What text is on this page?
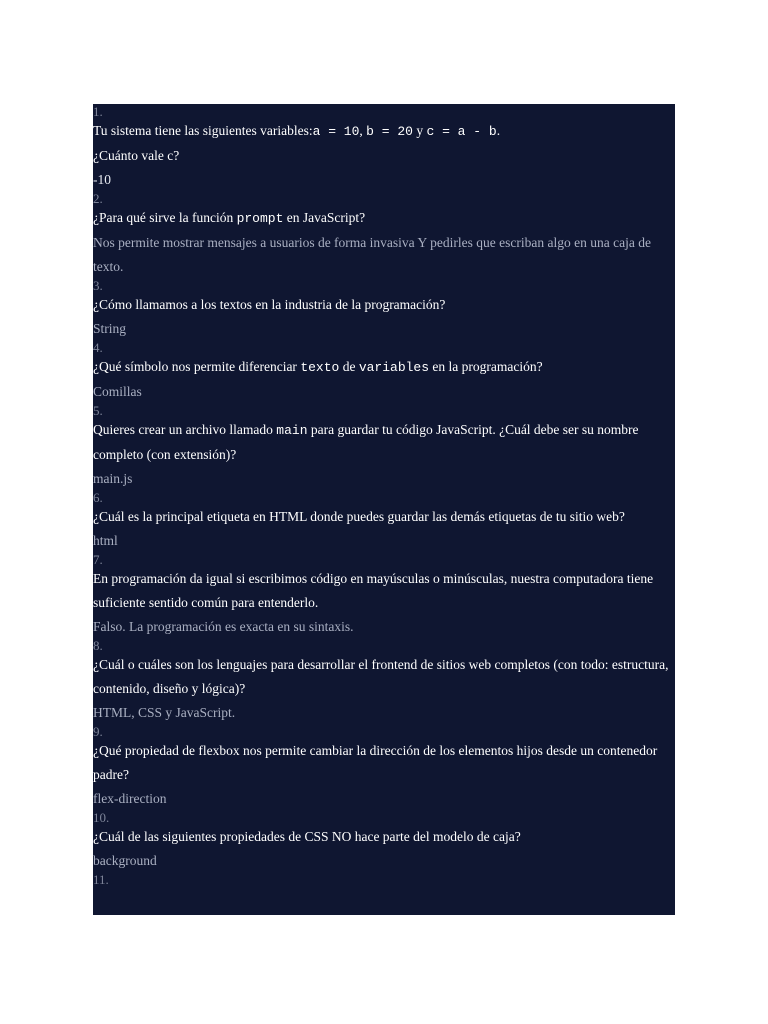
1.
Tu sistema tiene las siguientes variables:a = 10, b = 20 y c = a - b.
¿Cuánto vale c?
-10
2.
¿Para qué sirve la función prompt en JavaScript?
Nos permite mostrar mensajes a usuarios de forma invasiva Y pedirles que escriban algo en una caja de texto.
3.
¿Cómo llamamos a los textos en la industria de la programación?
String
4.
¿Qué símbolo nos permite diferenciar texto de variables en la programación?
Comillas
5.
Quieres crear un archivo llamado main para guardar tu código JavaScript. ¿Cuál debe ser su nombre completo (con extensión)?
main.js
6.
¿Cuál es la principal etiqueta en HTML donde puedes guardar las demás etiquetas de tu sitio web?
html
7.
En programación da igual si escribimos código en mayúsculas o minúsculas, nuestra computadora tiene suficiente sentido común para entenderlo.
Falso. La programación es exacta en su sintaxis.
8.
¿Cuál o cuáles son los lenguajes para desarrollar el frontend de sitios web completos (con todo: estructura, contenido, diseño y lógica)?
HTML, CSS y JavaScript.
9.
¿Qué propiedad de flexbox nos permite cambiar la dirección de los elementos hijos desde un contenedor padre?
flex-direction
10.
¿Cuál de las siguientes propiedades de CSS NO hace parte del modelo de caja?
background
11.
